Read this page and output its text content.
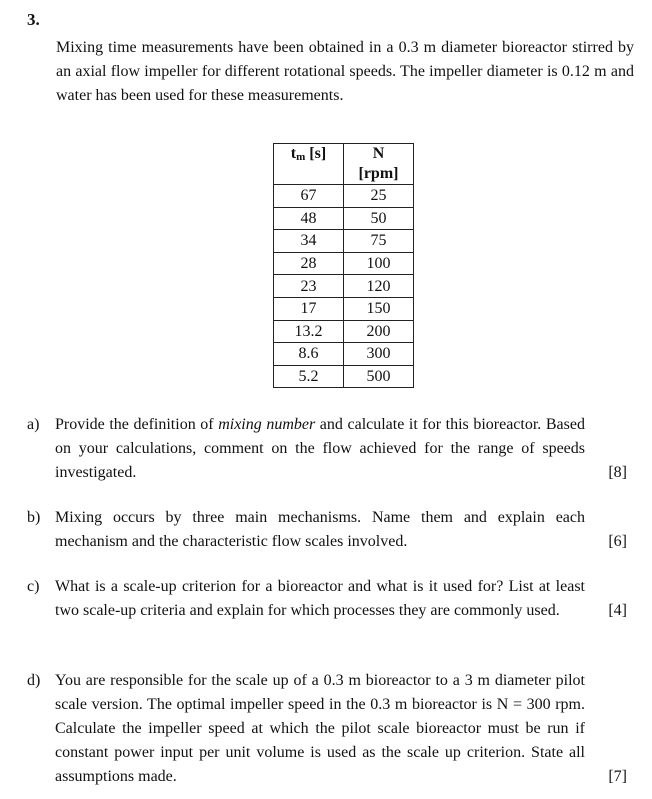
3.
Mixing time measurements have been obtained in a 0.3 m diameter bioreactor stirred by an axial flow impeller for different rotational speeds. The impeller diameter is 0.12 m and water has been used for these measurements.
tm [s]	N
[rpm]
67	25
48	50
34	75
28	100
23	120
17	150
13.2	200
8.6	300
5.2	500
a) Provide the definition of mixing number and calculate it for this bioreactor. Based on your calculations, comment on the flow achieved for the range of speeds investigated.	[8]
b) Mixing occurs by three main mechanisms. Name them and explain each mechanism and the characteristic flow scales involved.	[6]
c) What is a scale-up criterion for a bioreactor and what is it used for? List at least two scale-up criteria and explain for which processes they are commonly used.	[4]
d) You are responsible for the scale up of a 0.3 m bioreactor to a 3 m diameter pilot scale version. The optimal impeller speed in the 0.3 m bioreactor is N = 300 rpm. Calculate the impeller speed at which the pilot scale bioreactor must be run if constant power input per unit volume is used as the scale up criterion. State all assumptions made.	[7]
